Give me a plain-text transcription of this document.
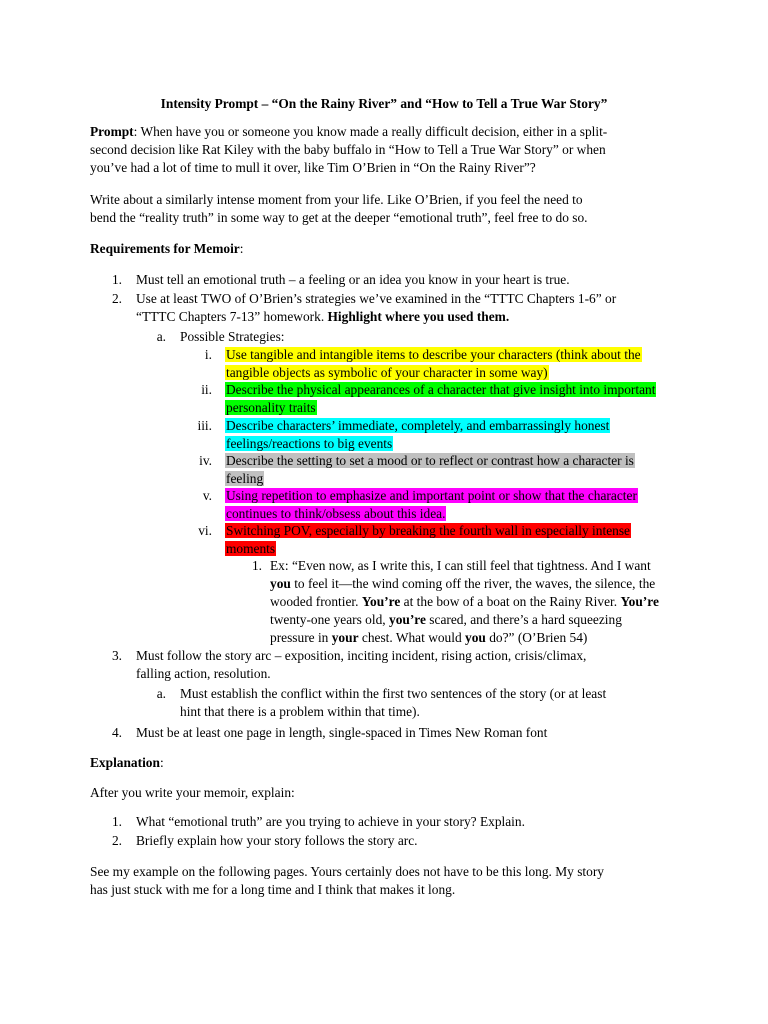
Intensity Prompt – “On the Rainy River” and “How to Tell a True War Story”
Prompt: When have you or someone you know made a really difficult decision, either in a split-
second decision like Rat Kiley with the baby buffalo in “How to Tell a True War Story” or when
you’ve had a lot of time to mull it over, like Tim O’Brien in “On the Rainy River”?
Write about a similarly intense moment from your life. Like O’Brien, if you feel the need to
bend the “reality truth” in some way to get at the deeper “emotional truth”, feel free to do so.
Requirements for Memoir:
1. Must tell an emotional truth – a feeling or an idea you know in your heart is true.
2. Use at least TWO of O’Brien’s strategies we’ve examined in the “TTTC Chapters 1-6” or
“TTTC Chapters 7-13” homework. Highlight where you used them.
a. Possible Strategies:
i. Use tangible and intangible items to describe your characters (think about the
tangible objects as symbolic of your character in some way)
ii. Describe the physical appearances of a character that give insight into important
personality traits
iii. Describe characters’ immediate, completely, and embarrassingly honest
feelings/reactions to big events
iv. Describe the setting to set a mood or to reflect or contrast how a character is
feeling
v. Using repetition to emphasize and important point or show that the character
continues to think/obsess about this idea.
vi. Switching POV, especially by breaking the fourth wall in especially intense
moments
1. Ex: “Even now, as I write this, I can still feel that tightness. And I want
you to feel it—the wind coming off the river, the waves, the silence, the
wooded frontier. You’re at the bow of a boat on the Rainy River. You’re
twenty-one years old, you’re scared, and there’s a hard squeezing
pressure in your chest. What would you do?” (O’Brien 54)
3. Must follow the story arc – exposition, inciting incident, rising action, crisis/climax,
falling action, resolution.
a. Must establish the conflict within the first two sentences of the story (or at least
hint that there is a problem within that time).
4. Must be at least one page in length, single-spaced in Times New Roman font
Explanation:
After you write your memoir, explain:
1. What “emotional truth” are you trying to achieve in your story? Explain.
2. Briefly explain how your story follows the story arc.
See my example on the following pages. Yours certainly does not have to be this long. My story
has just stuck with me for a long time and I think that makes it long.
